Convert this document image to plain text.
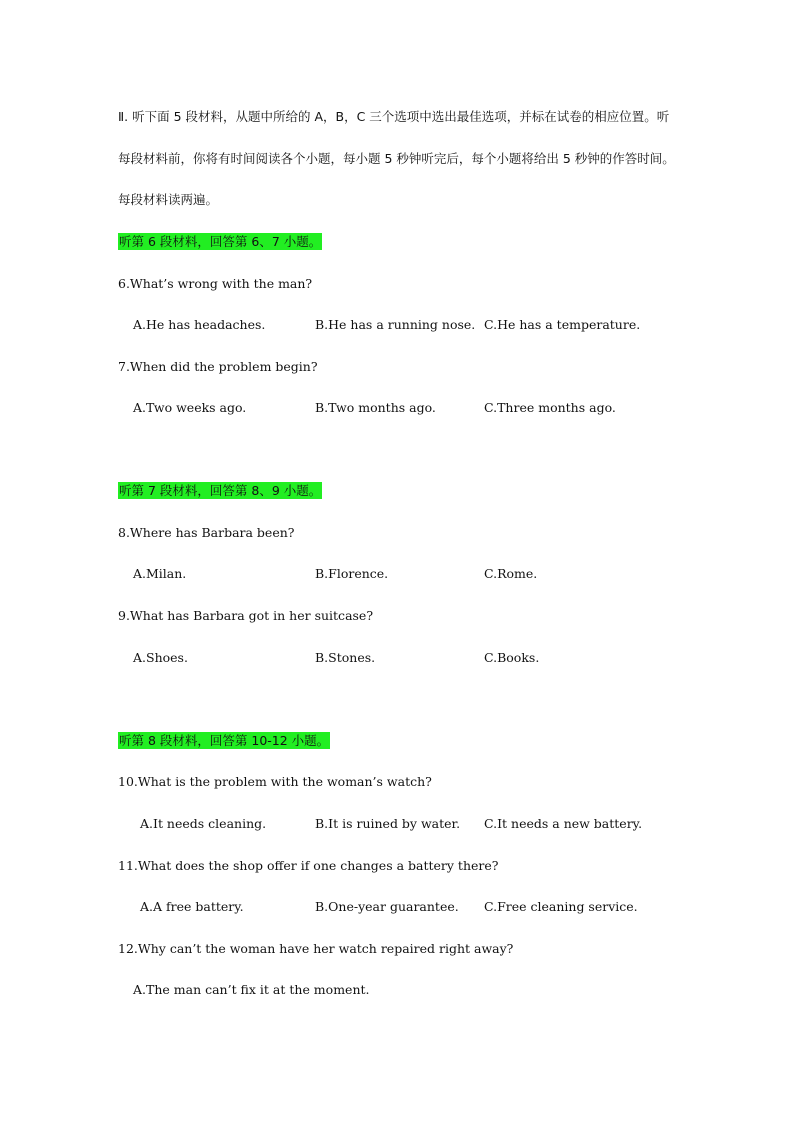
Ⅱ. 听下面 5 段材料，从题中所给的 A，B，C 三个选项中选出最佳选项，并标在试卷的相应位置。听每段材料前，你将有时间阅读各个小题，每小题 5 秒钟听完后，每个小题将给出 5 秒钟的作答时间。每段材料读两遍。
听第 6 段材料，回答第 6、7 小题。
6.What’s wrong with the man?
A.He has headaches.	B.He has a running nose. C.He has a temperature.
7.When did the problem begin?
A.Two weeks ago.	B.Two months ago.	C.Three months ago.
听第 7 段材料，回答第 8、9 小题。
8.Where has Barbara been?
A.Milan.	B.Florence.	C.Rome.
9.What has Barbara got in her suitcase?
A.Shoes.	B.Stones.	C.Books.
听第 8 段材料，回答第 10-12 小题。
10.What is the problem with the woman’s watch?
A.It needs cleaning.	B.It is ruined by water. C.It needs a new battery.
11.What does the shop offer if one changes a battery there?
A.A free battery.	B.One-year guarantee. C.Free cleaning service.
12.Why can’t the woman have her watch repaired right away?
A.The man can’t fix it at the moment.
